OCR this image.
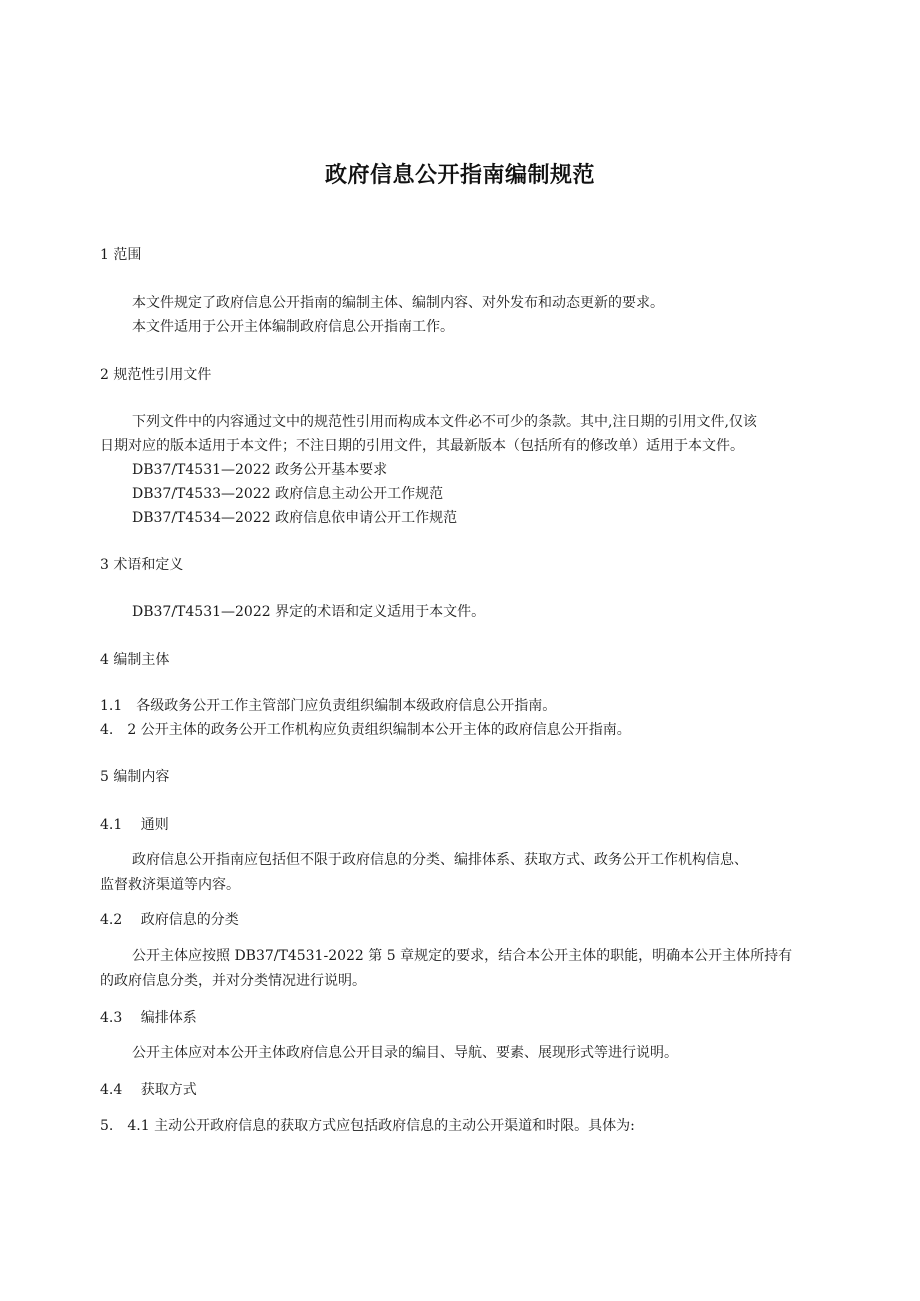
政府信息公开指南编制规范
1 范围
本文件规定了政府信息公开指南的编制主体、编制内容、对外发布和动态更新的要求。
本文件适用于公开主体编制政府信息公开指南工作。
2 规范性引用文件
下列文件中的内容通过文中的规范性引用而构成本文件必不可少的条款。其中,注日期的引用文件,仅该
日期对应的版本适用于本文件；不注日期的引用文件，其最新版本（包括所有的修改单）适用于本文件。
DB37/T4531—2022 政务公开基本要求
DB37/T4533—2022 政府信息主动公开工作规范
DB37/T4534—2022 政府信息依申请公开工作规范
3 术语和定义
DB37/T4531—2022 界定的术语和定义适用于本文件。
4 编制主体
1.1　各级政务公开工作主管部门应负责组织编制本级政府信息公开指南。
4.　2 公开主体的政务公开工作机构应负责组织编制本公开主体的政府信息公开指南。
5 编制内容
4.1　 通则
政府信息公开指南应包括但不限于政府信息的分类、编排体系、获取方式、政务公开工作机构信息、
监督救济渠道等内容。
4.2　 政府信息的分类
公开主体应按照 DB37/T4531-2022 第 5 章规定的要求，结合本公开主体的职能，明确本公开主体所持有
的政府信息分类，并对分类情况进行说明。
4.3　 编排体系
公开主体应对本公开主体政府信息公开目录的编目、导航、要素、展现形式等进行说明。
4.4　 获取方式
5.　4.1 主动公开政府信息的获取方式应包括政府信息的主动公开渠道和时限。具体为:
